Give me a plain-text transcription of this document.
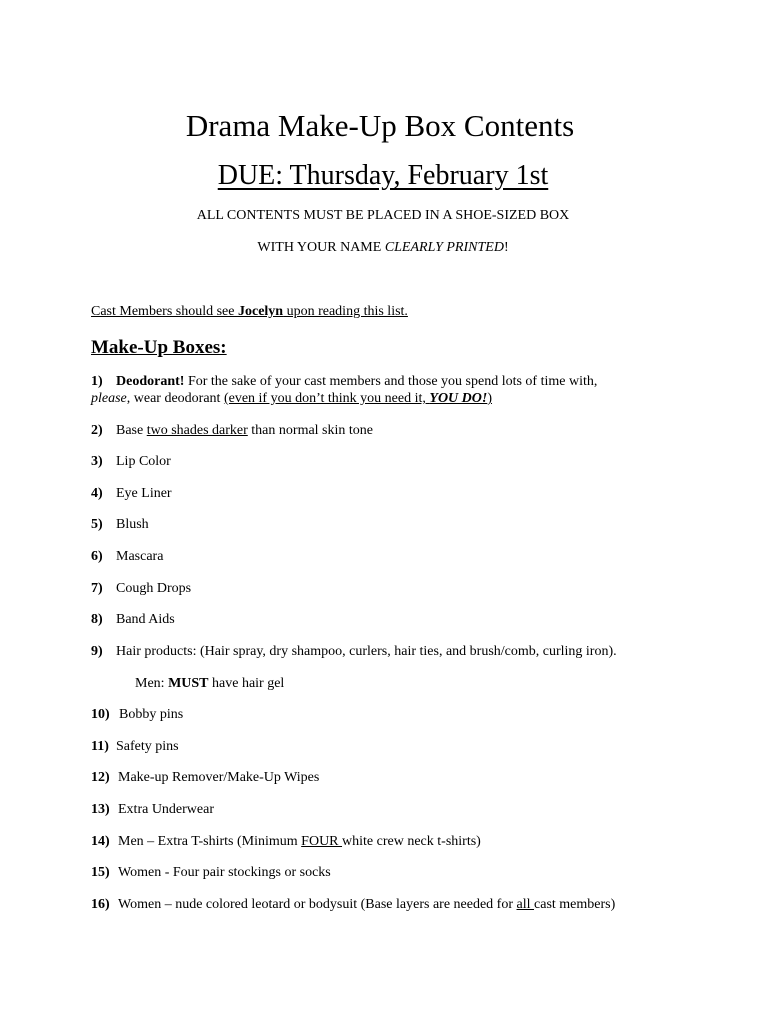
Drama Make-Up Box Contents
DUE: Thursday, February 1st
ALL CONTENTS MUST BE PLACED IN A SHOE-SIZED BOX
WITH YOUR NAME CLEARLY PRINTED!
Cast Members should see Jocelyn upon reading this list.
Make-Up Boxes:
1) Deodorant! For the sake of your cast members and those you spend lots of time with,
please, wear deodorant (even if you don’t think you need it, YOU DO!)
2) Base two shades darker than normal skin tone
3) Lip Color
4) Eye Liner
5) Blush
6) Mascara
7) Cough Drops
8) Band Aids
9) Hair products: (Hair spray, dry shampoo, curlers, hair ties, and brush/comb, curling iron).
Men: MUST have hair gel
10) Bobby pins
11) Safety pins
12) Make-up Remover/Make-Up Wipes
13) Extra Underwear
14) Men – Extra T-shirts (Minimum FOUR white crew neck t-shirts)
15) Women - Four pair stockings or socks
16) Women – nude colored leotard or bodysuit (Base layers are needed for all cast members)
